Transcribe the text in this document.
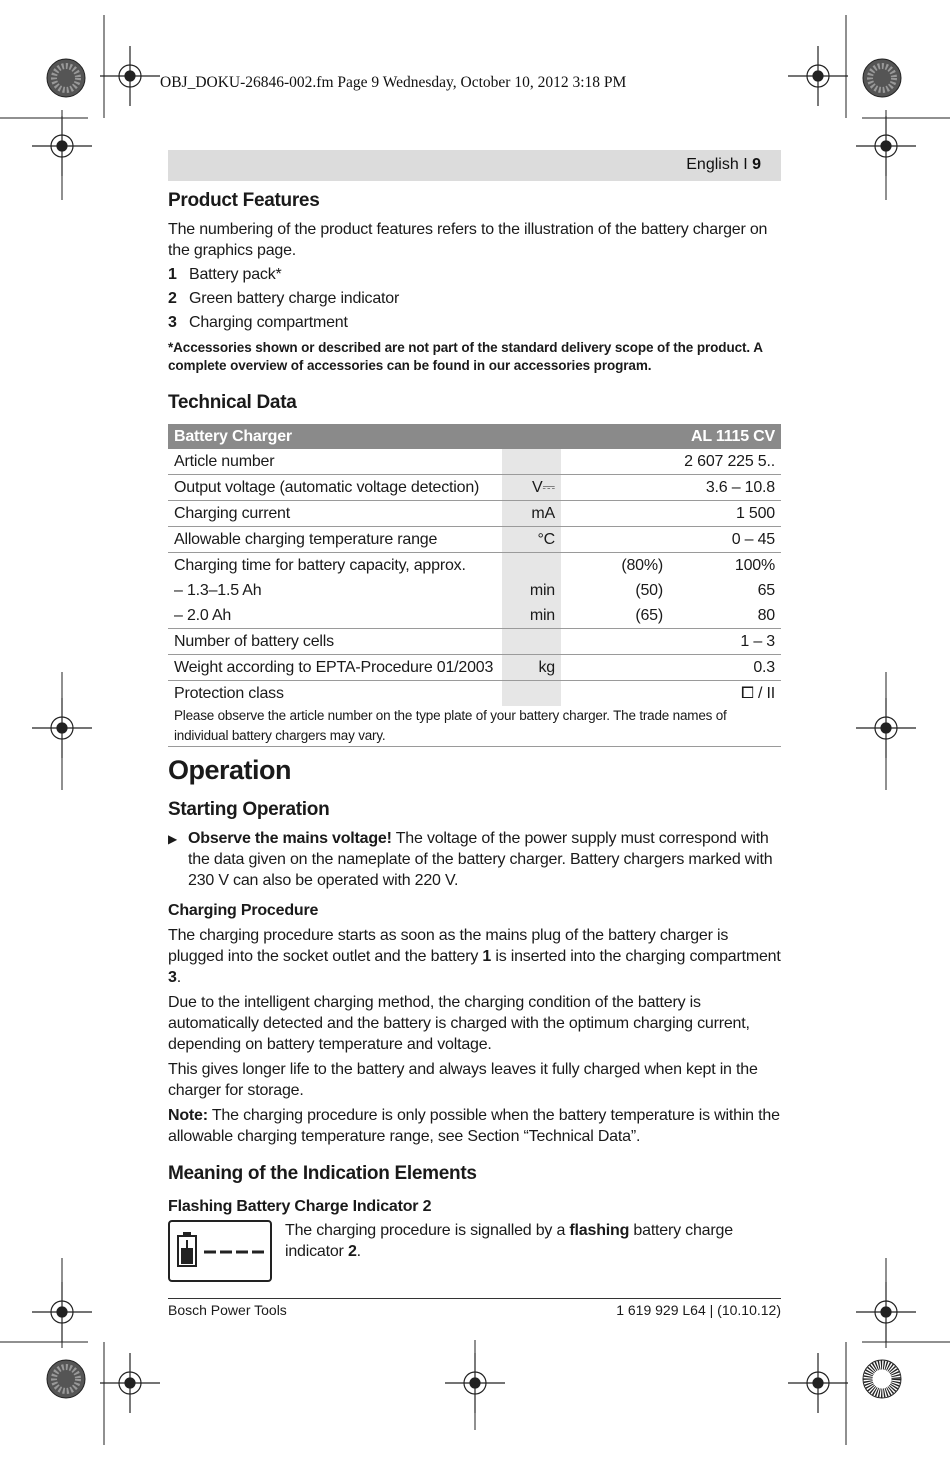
OBJ_DOKU-26846-002.fm Page 9 Wednesday, October 10, 2012 3:18 PM
English I 9
Product Features

The numbering of the product features refers to the illustration of the battery charger on the graphics page.

1 Battery pack*
2 Green battery charge indicator
3 Charging compartment
*Accessories shown or described are not part of the standard delivery scope of the product. A complete overview of accessories can be found in our accessories program.
Technical Data
Battery Charger			AL 1115 CV
Article number			2 607 225 5..
Output voltage (automatic voltage detection)	V⎓		3.6 – 10.8
Charging current	mA		1 500
Allowable charging temperature range	°C		0 – 45
Charging time for battery capacity, approx.		(80%)	100%
– 1.3–1.5 Ah	min	(50)	65
– 2.0 Ah	min	(65)	80
Number of battery cells			1 – 3
Weight according to EPTA-Procedure 01/2003	kg		0.3
Protection class			⧠ / II
Please observe the article number on the type plate of your battery charger. The trade names of individual battery chargers may vary.			
Operation
Starting Operation
▶ Observe the mains voltage! The voltage of the power supply must correspond with the data given on the nameplate of the battery charger. Battery chargers marked with 230 V can also be operated with 220 V.
Charging Procedure

The charging procedure starts as soon as the mains plug of the battery charger is plugged into the socket outlet and the battery 1 is inserted into the charging compartment 3.

Due to the intelligent charging method, the charging condition of the battery is automatically detected and the battery is charged with the optimum charging current, depending on battery temperature and voltage.

This gives longer life to the battery and always leaves it fully charged when kept in the charger for storage.

Note: The charging procedure is only possible when the battery temperature is within the allowable charging temperature range, see Section “Technical Data”.

Meaning of the Indication Elements
Flashing Battery Charge Indicator 2
The charging procedure is signalled by a flashing battery charge indicator 2.
Bosch Power Tools	1 619 929 L64 | (10.10.12)
